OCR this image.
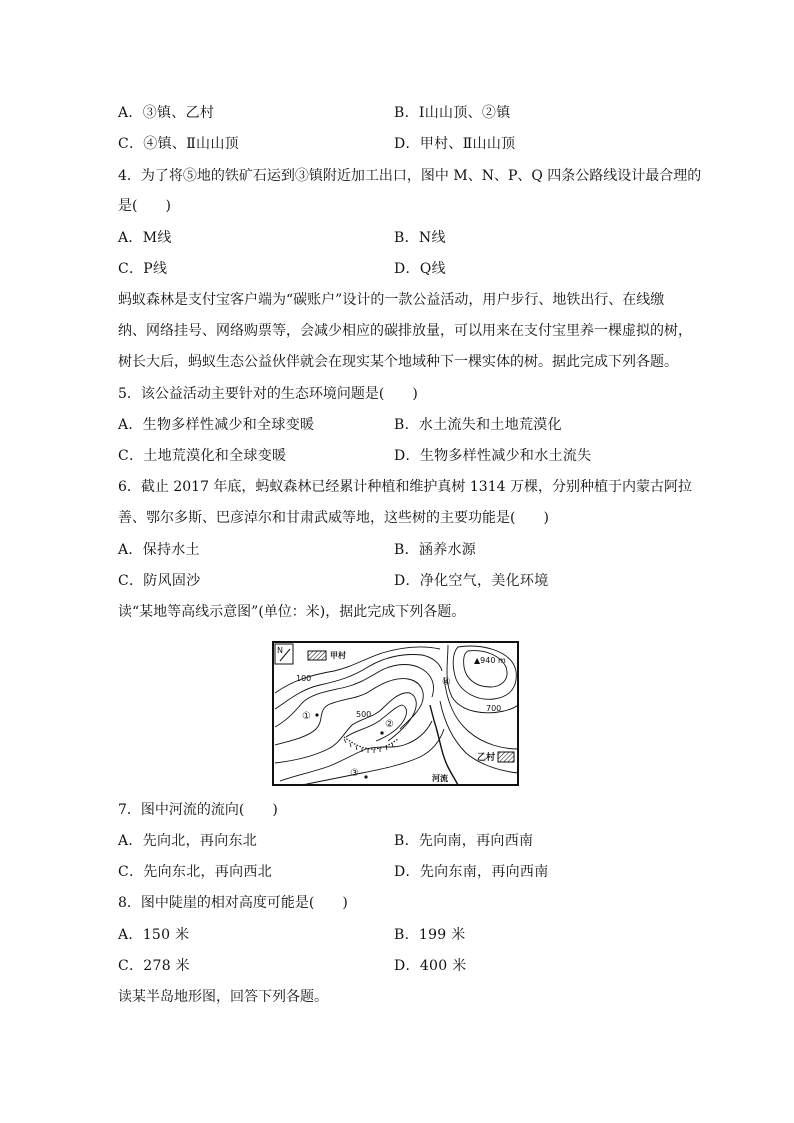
A．③镇、乙村	B．Ⅰ山山顶、②镇
C．④镇、Ⅱ山山顶	D．甲村、Ⅱ山山顶
4．为了将⑤地的铁矿石运到③镇附近加工出口，图中 M、N、P、Q 四条公路线设计最合理的
是(　　)
A．M线	B．N线
C．P线	D．Q线
蚂蚁森林是支付宝客户端为“碳账户”设计的一款公益活动，用户步行、地铁出行、在线缴
纳、网络挂号、网络购票等，会减少相应的碳排放量，可以用来在支付宝里养一棵虚拟的树，
树长大后，蚂蚁生态公益伙伴就会在现实某个地域种下一棵实体的树。据此完成下列各题。
5．该公益活动主要针对的生态环境问题是(　　)
A．生物多样性减少和全球变暖	B．水土流失和土地荒漠化
C．土地荒漠化和全球变暖	D．生物多样性减少和水土流失
6．截止 2017 年底，蚂蚁森林已经累计种植和维护真树 1314 万棵，分别种植于内蒙古阿拉
善、鄂尔多斯、巴彦淖尔和甘肃武威等地，这些树的主要功能是(　　)
A．保持水土	B．涵养水源
C．防风固沙	D．净化空气，美化环境
读“某地等高线示意图”(单位：米)，据此完成下列各题。
N
甲村
乙村
100
500
700
▲940 m
①
②
③
④
河流
7．图中河流的流向(　　)
A．先向北，再向东北	B．先向南，再向西南
C．先向东北，再向西北	D．先向东南，再向西南
8．图中陡崖的相对高度可能是(　　)
A．150 米	B．199 米
C．278 米	D．400 米
读某半岛地形图，回答下列各题。
